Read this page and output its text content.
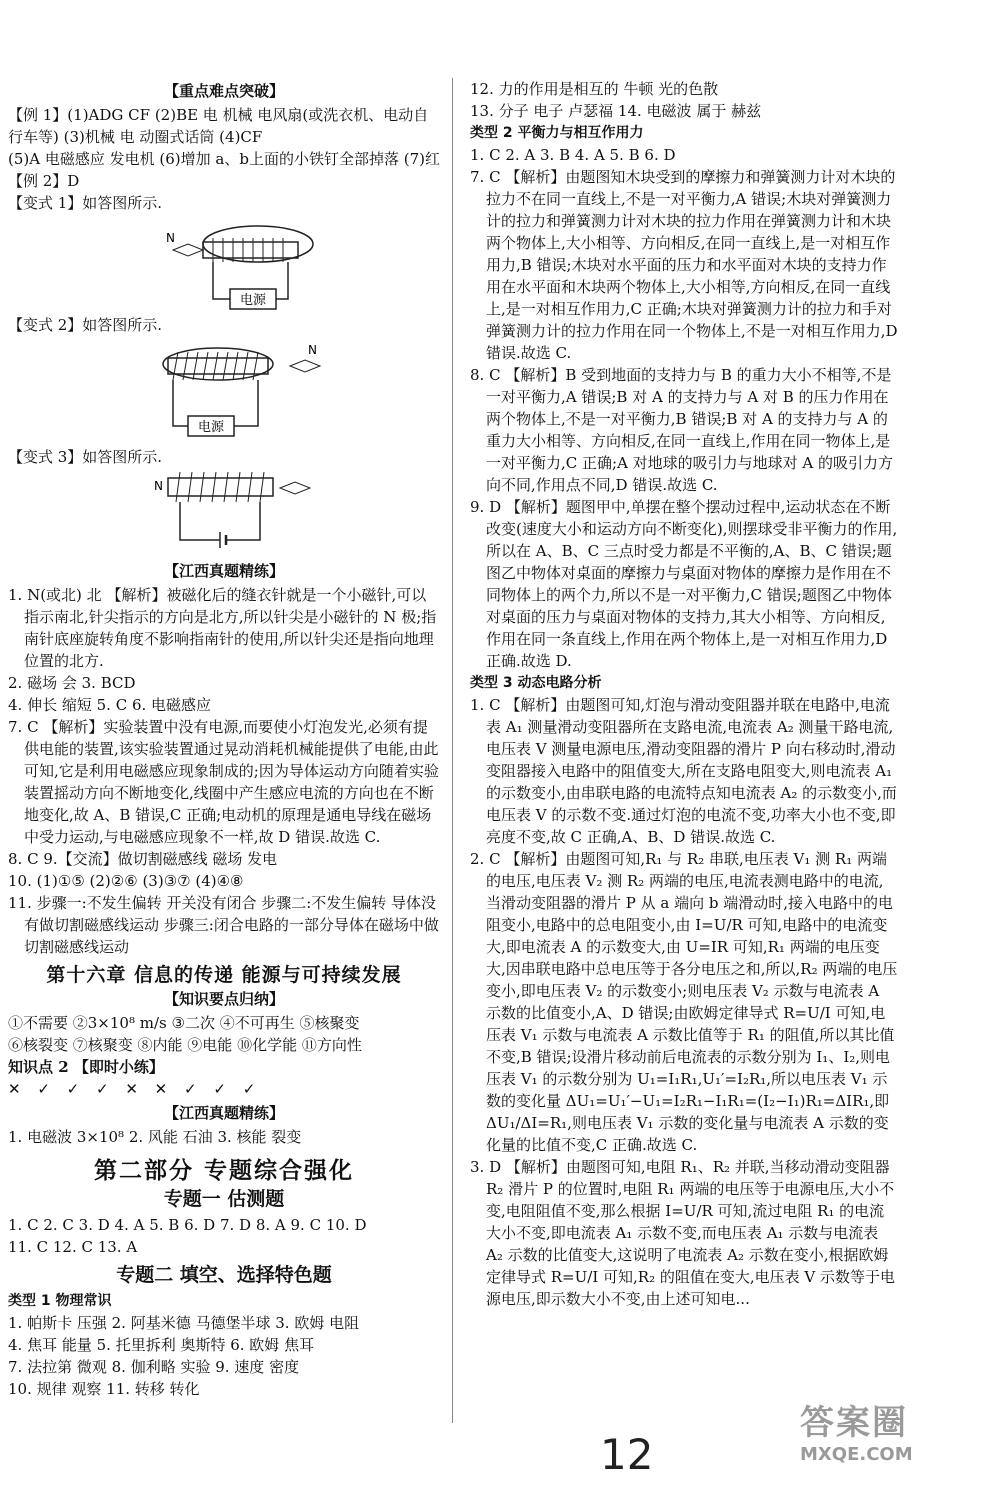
【重点难点突破】

【例 1】(1)ADG CF (2)BE 电 机械 电风扇(或洗衣机、电动自行车等) (3)机械 电 动圈式话筒 (4)CF

(5)A 电磁感应 发电机 (6)增加 a、b上面的小铁钉全部掉落 (7)红

【例 2】D

【变式 1】如答图所示.

电源
N

【变式 2】如答图所示.

电源
N

【变式 3】如答图所示.

N
【江西真题精练】

1. N(或北) 北 【解析】被磁化后的缝衣针就是一个小磁针,可以指示南北,针尖指示的方向是北方,所以针尖是小磁针的 N 极;指南针底座旋转角度不影响指南针的使用,所以针尖还是指向地理位置的北方.

2. 磁场 会 3. BCD

4. 伸长 缩短 5. C 6. 电磁感应

7. C 【解析】实验装置中没有电源,而要使小灯泡发光,必须有提供电能的装置,该实验装置通过晃动消耗机械能提供了电能,由此可知,它是利用电磁感应现象制成的;因为导体运动方向随着实验装置摇动方向不断地变化,线圈中产生感应电流的方向也在不断地变化,故 A、B 错误,C 正确;电动机的原理是通电导线在磁场中受力运动,与电磁感应现象不一样,故 D 错误.故选 C.

8. C 9.【交流】做切割磁感线 磁场 发电

10. (1)①⑤ (2)②⑥ (3)③⑦ (4)④⑧

11. 步骤一:不发生偏转 开关没有闭合 步骤二:不发生偏转 导体没有做切割磁感线运动 步骤三:闭合电路的一部分导体在磁场中做切割磁感线运动

第十六章 信息的传递 能源与可持续发展
【知识要点归纳】

①不需要 ②3×10⁸ m/s ③二次 ④不可再生 ⑤核聚变

⑥核裂变 ⑦核聚变 ⑧内能 ⑨电能 ⑩化学能 ⑪方向性

知识点 2 【即时小练】

✕ ✓ ✓ ✓ ✕ ✕ ✓ ✓ ✓

【江西真题精练】

1. 电磁波 3×10⁸ 2. 风能 石油 3. 核能 裂变

第二部分 专题综合强化
专题一 估测题

1. C 2. C 3. D 4. A 5. B 6. D 7. D 8. A 9. C 10. D

11. C 12. C 13. A

专题二 填空、选择特色题

类型 1 物理常识

1. 帕斯卡 压强 2. 阿基米德 马德堡半球 3. 欧姆 电阻

4. 焦耳 能量 5. 托里拆利 奥斯特 6. 欧姆 焦耳

7. 法拉第 微观 8. 伽利略 实验 9. 速度 密度

10. 规律 观察 11. 转移 转化

12. 力的作用是相互的 牛顿 光的色散

13. 分子 电子 卢瑟福 14. 电磁波 属于 赫兹

类型 2 平衡力与相互作用力

1. C 2. A 3. B 4. A 5. B 6. D

7. C 【解析】由题图知木块受到的摩擦力和弹簧测力计对木块的拉力不在同一直线上,不是一对平衡力,A 错误;木块对弹簧测力计的拉力和弹簧测力计对木块的拉力作用在弹簧测力计和木块两个物体上,大小相等、方向相反,在同一直线上,是一对相互作用力,B 错误;木块对水平面的压力和水平面对木块的支持力作用在水平面和木块两个物体上,大小相等,方向相反,在同一直线上,是一对相互作用力,C 正确;木块对弹簧测力计的拉力和手对弹簧测力计的拉力作用在同一个物体上,不是一对相互作用力,D 错误.故选 C.

8. C 【解析】B 受到地面的支持力与 B 的重力大小不相等,不是一对平衡力,A 错误;B 对 A 的支持力与 A 对 B 的压力作用在两个物体上,不是一对平衡力,B 错误;B 对 A 的支持力与 A 的重力大小相等、方向相反,在同一直线上,作用在同一物体上,是一对平衡力,C 正确;A 对地球的吸引力与地球对 A 的吸引力方向不同,作用点不同,D 错误.故选 C.

9. D 【解析】题图甲中,单摆在整个摆动过程中,运动状态在不断改变(速度大小和运动方向不断变化),则摆球受非平衡力的作用,所以在 A、B、C 三点时受力都是不平衡的,A、B、C 错误;题图乙中物体对桌面的摩擦力与桌面对物体的摩擦力是作用在不同物体上的两个力,所以不是一对平衡力,C 错误;题图乙中物体对桌面的压力与桌面对物体的支持力,其大小相等、方向相反,作用在同一条直线上,作用在两个物体上,是一对相互作用力,D 正确.故选 D.

类型 3 动态电路分析

1. C 【解析】由题图可知,灯泡与滑动变阻器并联在电路中,电流表 A₁ 测量滑动变阻器所在支路电流,电流表 A₂ 测量干路电流,电压表 V 测量电源电压,滑动变阻器的滑片 P 向右移动时,滑动变阻器接入电路中的阻值变大,所在支路电阻变大,则电流表 A₁ 的示数变小,由串联电路的电流特点知电流表 A₂ 的示数变小,而电压表 V 的示数不变.通过灯泡的电流不变,功率大小也不变,即亮度不变,故 C 正确,A、B、D 错误.故选 C.

2. C 【解析】由题图可知,R₁ 与 R₂ 串联,电压表 V₁ 测 R₁ 两端的电压,电压表 V₂ 测 R₂ 两端的电压,电流表测电路中的电流,当滑动变阻器的滑片 P 从 a 端向 b 端滑动时,接入电路中的电阻变小,电路中的总电阻变小,由 I=U/R 可知,电路中的电流变大,即电流表 A 的示数变大,由 U=IR 可知,R₁ 两端的电压变大,因串联电路中总电压等于各分电压之和,所以,R₂ 两端的电压变小,即电压表 V₂ 的示数变小;则电压表 V₂ 示数与电流表 A 示数的比值变小,A、D 错误;由欧姆定律导式 R=U/I 可知,电压表 V₁ 示数与电流表 A 示数比值等于 R₁ 的阻值,所以其比值不变,B 错误;设滑片移动前后电流表的示数分别为 I₁、I₂,则电压表 V₁ 的示数分别为 U₁=I₁R₁,U₁′=I₂R₁,所以电压表 V₁ 示数的变化量 ΔU₁=U₁′−U₁=I₂R₁−I₁R₁=(I₂−I₁)R₁=ΔIR₁,即 ΔU₁/ΔI=R₁,则电压表 V₁ 示数的变化量与电流表 A 示数的变化量的比值不变,C 正确.故选 C.

3. D 【解析】由题图可知,电阻 R₁、R₂ 并联,当移动滑动变阻器 R₂ 滑片 P 的位置时,电阻 R₁ 两端的电压等于电源电压,大小不变,电阻阻值不变,那么根据 I=U/R 可知,流过电阻 R₁ 的电流大小不变,即电流表 A₁ 示数不变,而电压表 A₁ 示数与电流表 A₂ 示数的比值变大,这说明了电流表 A₂ 示数在变小,根据欧姆定律导式 R=U/I 可知,R₂ 的阻值在变大,电压表 V 示数等于电源电压,即示数大小不变,由上述可知电...

12
答案圈
MXQE.COM
